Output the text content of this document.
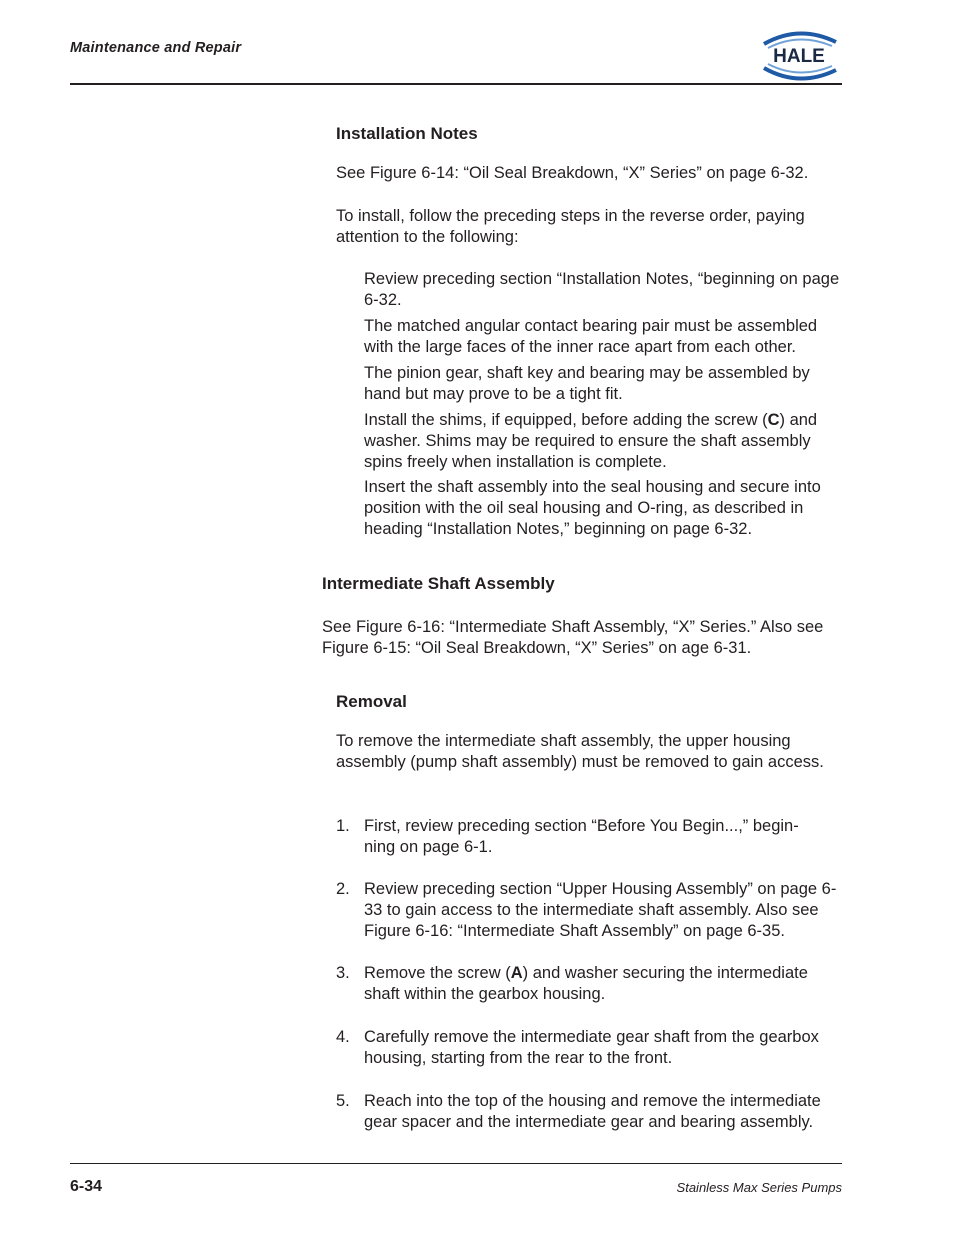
Maintenance and Repair	HALE
Installation Notes
See Figure 6-14: “Oil Seal Breakdown, “X” Series” on page 6-32.
To install, follow the preceding steps in the reverse order, paying attention to the following:
Review preceding section “Installation Notes, “beginning on page 6-32.
The matched angular contact bearing pair must be assembled with the large faces of the inner race apart from each other.
The pinion gear, shaft key and bearing may be assembled by hand but may prove to be a tight fit.
Install the shims, if equipped, before adding the screw (C) and washer. Shims may be required to ensure the shaft assembly spins freely when installation is complete.
Insert the shaft assembly into the seal housing and secure into position with the oil seal housing and O-ring, as described in heading “Installation Notes,” beginning on page 6-32.
Intermediate Shaft Assembly
See Figure 6-16: “Intermediate Shaft Assembly, “X” Series.” Also see Figure 6-15: “Oil Seal Breakdown, “X” Series” on age 6-31.
Removal
To remove the intermediate shaft assembly, the upper housing assembly (pump shaft assembly) must be removed to gain access.
1. First, review preceding section “Before You Begin...,” begin-ning on page 6-1.
2. Review preceding section “Upper Housing Assembly” on page 6-33 to gain access to the intermediate shaft assembly. Also see Figure 6-16: “Intermediate Shaft Assembly” on page 6-35.
3. Remove the screw (A) and washer securing the intermediate shaft within the gearbox housing.
4. Carefully remove the intermediate gear shaft from the gearbox housing, starting from the rear to the front.
5. Reach into the top of the housing and remove the intermediate gear spacer and the intermediate gear and bearing assembly.
6-34	Stainless Max Series Pumps
